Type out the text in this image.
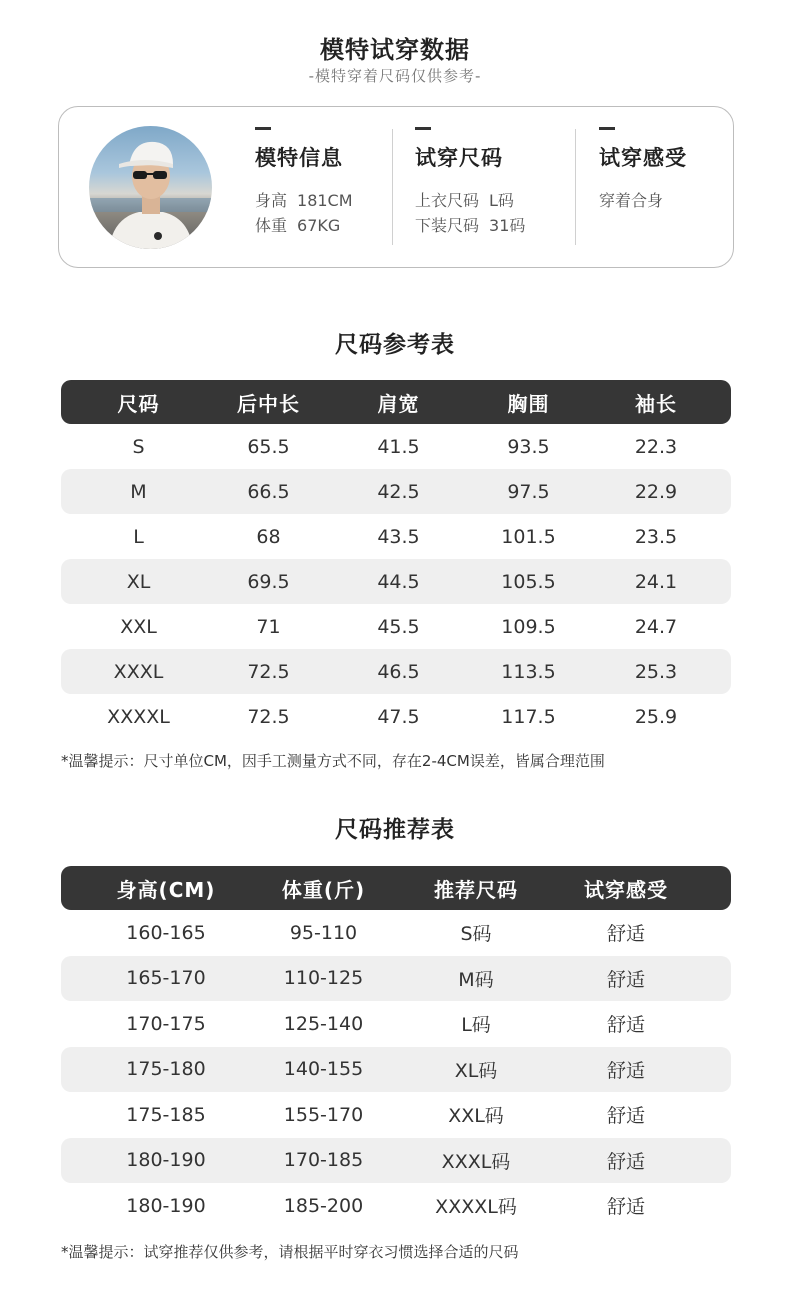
模特试穿数据
-模特穿着尺码仅供参考-
模特信息
身高 181CM
体重 67KG
试穿尺码
上衣尺码 L码
下装尺码 31码
试穿感受
穿着合身
尺码参考表
尺码	后中长	肩宽	胸围	袖长
S	65.5	41.5	93.5	22.3
M	66.5	42.5	97.5	22.9
L	68	43.5	101.5	23.5
XL	69.5	44.5	105.5	24.1
XXL	71	45.5	109.5	24.7
XXXL	72.5	46.5	113.5	25.3
XXXXL	72.5	47.5	117.5	25.9
*温馨提示：尺寸单位CM，因手工测量方式不同，存在2-4CM误差，皆属合理范围
尺码推荐表
身高(CM)	体重(斤)	推荐尺码	试穿感受
160-165	95-110	S码	舒适
165-170	110-125	M码	舒适
170-175	125-140	L码	舒适
175-180	140-155	XL码	舒适
175-185	155-170	XXL码	舒适
180-190	170-185	XXXL码	舒适
180-190	185-200	XXXXL码	舒适
*温馨提示：试穿推荐仅供参考，请根据平时穿衣习惯选择合适的尺码
